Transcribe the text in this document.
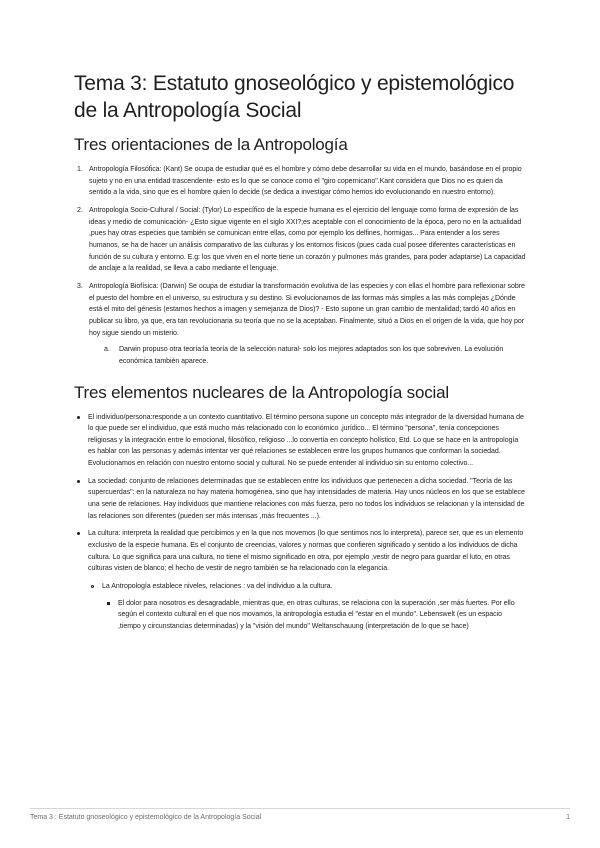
Tema 3: Estatuto gnoseológico y epistemológico de la Antropología Social
Tres orientaciones de la Antropología
1. Antropología Filosófica: (Kant) Se ocupa de estudiar qué es el hombre y cómo debe desarrollar su vida en el mundo, basándose en el propio sujeto y no en una entidad trascendente- esto es lo que se conoce como el "giro copernicano".Kant considera que Dios no es quien da sentido a la vida, sino que es el hombre quien lo decide (se dedica a investigar cómo hemos ido evolucionando en nuestro entorno).
2. Antropología Socio-Cultural / Social: (Tylor) Lo específico de la especie humana es el ejercicio del lenguaje como forma de expresión de las ideas y medio de comunicación- ¿Esto sigue vigente en el siglo XXI?;es aceptable con el conocimiento de la época, pero no en la actualidad ,pues hay otras especies que también se comunican entre ellas, como por ejemplo los delfines, hormigas... Para entender a los seres humanos, se ha de hacer un análisis comparativo de las culturas y los entornos físicos (pues cada cual posee diferentes características en función de su cultura y entorno. E.g: los que viven en el norte tiene un corazón y pulmones más grandes, para poder adaptarse) La capacidad de anclaje a la realidad, se lleva a cabo mediante el lenguaje.
3. Antropología Biofísica: (Darwin) Se ocupa de estudiar la transformación evolutiva de las especies y con ellas el hombre para reflexionar sobre el puesto del hombre en el universo, su estructura y su destino. Si evolucionamos de las formas más simples a las más complejas ¿Dónde está el mito del génesis (estamos hechos a imagen y semejanza de Dios)? - Esto supone un gran cambio de mentalidad; tardó 40 años en publicar su libro, ya que, era tan revolucionaria su teoría que no se la aceptaban. Finalmente, situó a Dios en el origen de la vida, que hoy por hoy sigue siendo un misterio.
a. Darwin propuso otra teoría:la teoría de la selección natural- solo los mejores adaptados son los que sobreviven. La evolución económica también aparece.
Tres elementos nucleares de la Antropología social
El individuo/persona:responde a un contexto cuantitativo. El término persona supone un concepto más integrador de la diversidad humana de lo que puede ser el individuo, que está mucho más relacionado con lo económico ,jurídico... El término "persona", tenía concepciones religiosas y la integración entre lo emocional, filosófico, religioso ...lo convertía en concepto holístico, Etd. Lo que se hace en la antropología es hablar con las personas y además intentar ver qué relaciones se establecen entre los grupos humanos que conforman la sociedad. Evolucionamos en relación con nuestro entorno social y cultural. No se puede entender al individuo sin su entorno colectivo...
La sociedad: conjunto de relaciones determinadas que se establecen entre los individuos que pertenecen a dicha sociedad. "Teoría de las supercuerdas": en la naturaleza no hay materia homogénea, sino que hay intensidades de materia. Hay unos núcleos en los que se establece una serie de relaciones. Hay individuos que mantiene relaciones con más fuerza, pero no todos los individuos se relacionan y la intensidad de las relaciones son diferentes (pueden ser más intensas ,más frecuentes ...).
La cultura: interpreta la realidad que percibimos y en la que nos movemos (lo que sentimos nos lo interpreta), parece ser, que es un elemento exclusivo de la especie humana. Es el conjunto de creencias, valores y normas que confieren significado y sentido a los individuos de dicha cultura. Lo que significa para una cultura, no tiene el mismo significado en otra, por ejemplo ,vestir de negro para guardar el luto, en otras culturas visten de blanco; el hecho de vestir de negro también se ha relacionado con la elegancia.
La Antropología establece niveles, relaciones : va del individuo a la cultura.
El dolor para nosotros es desagradable, mientras que, en otras culturas, se relaciona con la superación ,ser más fuertes. Por ello según el contexto cultural en el que nos movamos, la antropología estudia el "estar en el mundo". Lebenswelt (es un espacio ,tiempo y circunstancias determinadas) y la "visión del mundo" Weltanschauung (interpretación de lo que se hace)
Tema 3 : Estatuto gnoseológico y epistemológico de la Antropología Social	1
